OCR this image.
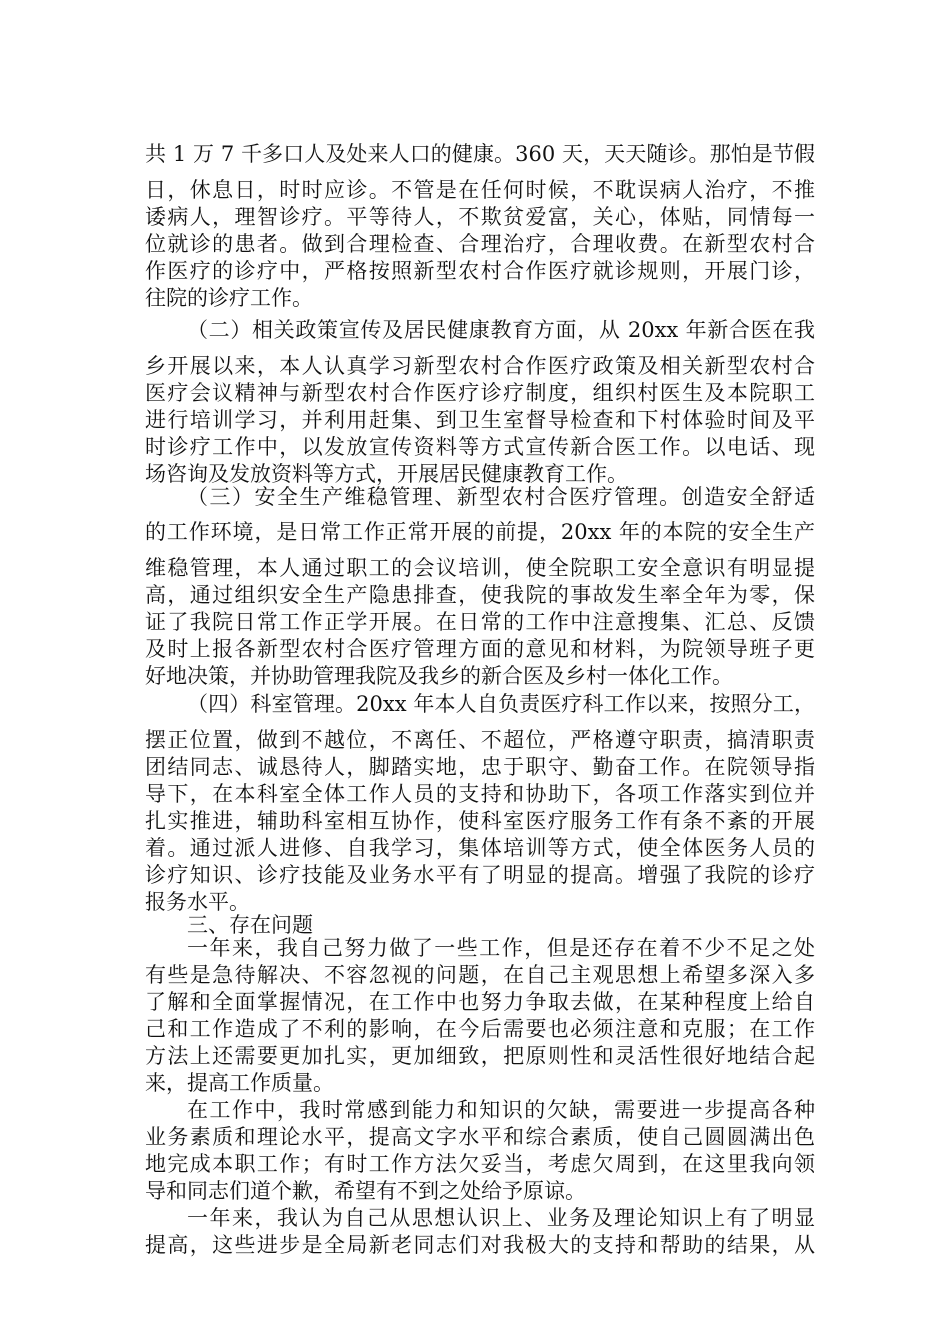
共 1 万 7 千多口人及处来人口的健康。360 天，天天随诊。那怕是节假
日，休息日，时时应诊。不管是在任何时候，不耽误病人治疗，不推
诿病人，理智诊疗。平等待人，不欺贫爱富，关心，体贴，同情每一
位就诊的患者。做到合理检查、合理治疗，合理收费。在新型农村合
作医疗的诊疗中，严格按照新型农村合作医疗就诊规则，开展门诊，
往院的诊疗工作。
（二）相关政策宣传及居民健康教育方面，从 20xx 年新合医在我
乡开展以来，本人认真学习新型农村合作医疗政策及相关新型农村合
医疗会议精神与新型农村合作医疗诊疗制度，组织村医生及本院职工
进行培训学习，并利用赶集、到卫生室督导检查和下村体验时间及平
时诊疗工作中，以发放宣传资料等方式宣传新合医工作。以电话、现
场咨询及发放资料等方式，开展居民健康教育工作。
（三）安全生产维稳管理、新型农村合医疗管理。创造安全舒适
的工作环境，是日常工作正常开展的前提，20xx 年的本院的安全生产
维稳管理，本人通过职工的会议培训，使全院职工安全意识有明显提
高，通过组织安全生产隐患排查，使我院的事故发生率全年为零，保
证了我院日常工作正学开展。在日常的工作中注意搜集、汇总、反馈
及时上报各新型农村合医疗管理方面的意见和材料，为院领导班子更
好地决策，并协助管理我院及我乡的新合医及乡村一体化工作。
（四）科室管理。20xx 年本人自负责医疗科工作以来，按照分工，
摆正位置，做到不越位，不离任、不超位，严格遵守职责，搞清职责
团结同志、诚恳待人，脚踏实地，忠于职守、勤奋工作。在院领导指
导下，在本科室全体工作人员的支持和协助下，各项工作落实到位并
扎实推进，辅助科室相互协作，使科室医疗服务工作有条不紊的开展
着。通过派人进修、自我学习，集体培训等方式，使全体医务人员的
诊疗知识、诊疗技能及业务水平有了明显的提高。增强了我院的诊疗
报务水平。
三、存在问题
一年来，我自己努力做了一些工作，但是还存在着不少不足之处
有些是急待解决、不容忽视的问题，在自己主观思想上希望多深入多
了解和全面掌握情况，在工作中也努力争取去做，在某种程度上给自
己和工作造成了不利的影响，在今后需要也必须注意和克服；在工作
方法上还需要更加扎实，更加细致，把原则性和灵活性很好地结合起
来，提高工作质量。
在工作中，我时常感到能力和知识的欠缺，需要进一步提高各种
业务素质和理论水平，提高文字水平和综合素质，使自己圆圆满出色
地完成本职工作；有时工作方法欠妥当，考虑欠周到，在这里我向领
导和同志们道个歉，希望有不到之处给予原谅。
一年来，我认为自己从思想认识上、业务及理论知识上有了明显
提高，这些进步是全局新老同志们对我极大的支持和帮助的结果，从
